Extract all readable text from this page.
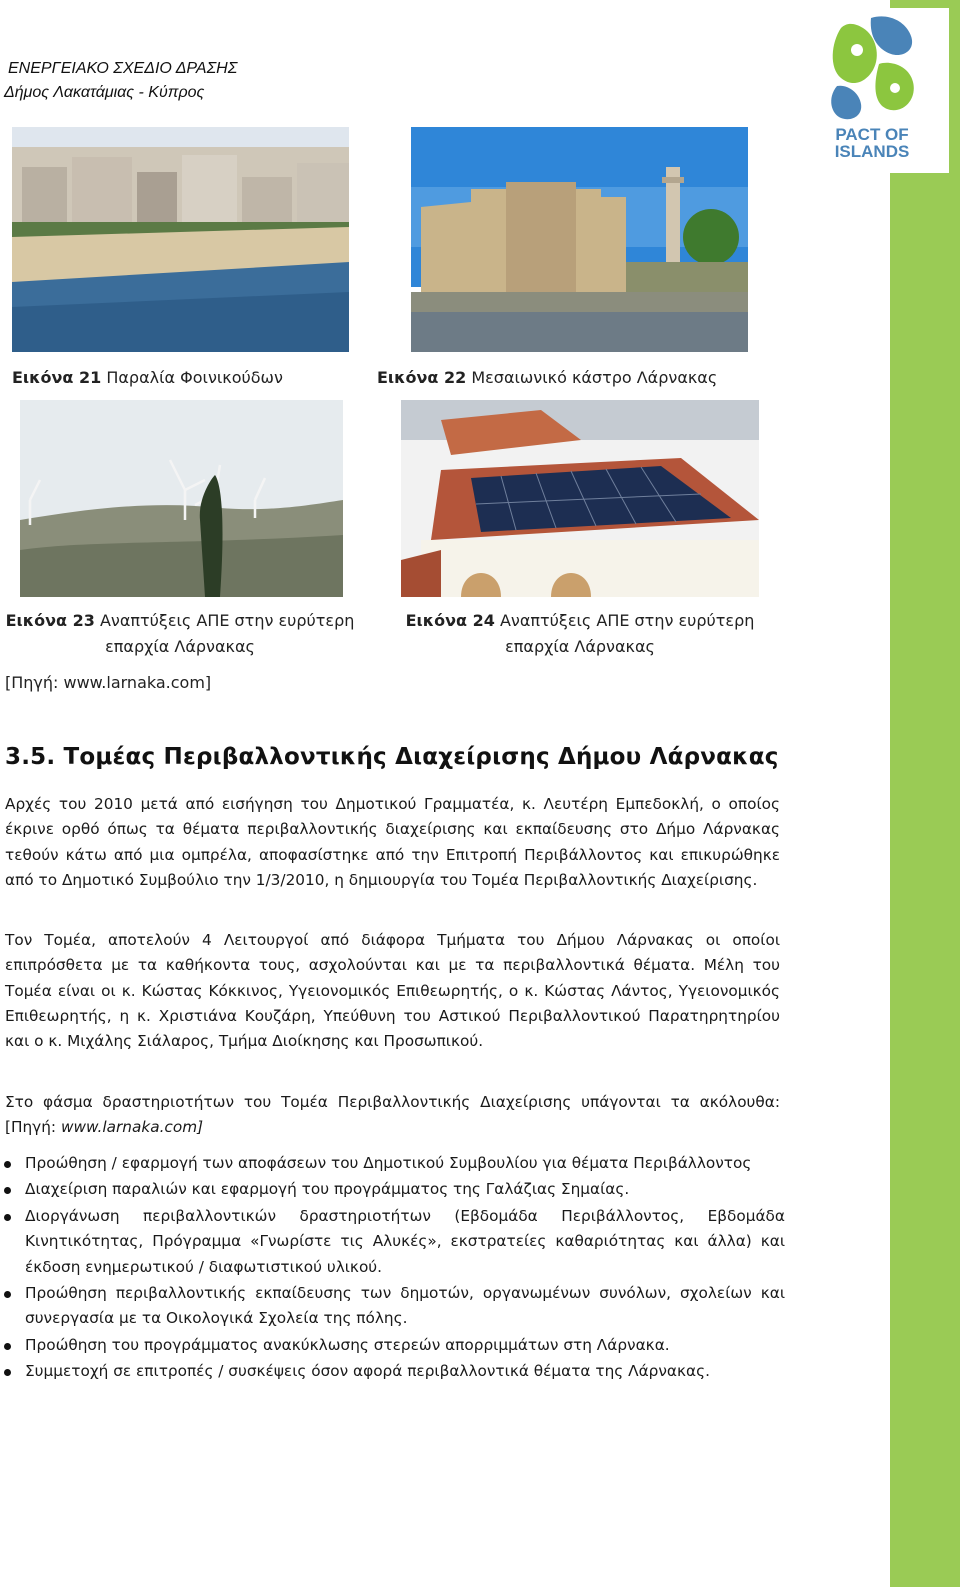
PACT OF
ISLANDS
ΕΝΕΡΓΕΙΑΚΟ ΣΧΕΔΙΟ ΔΡΑΣΗΣ
Δήμος Λακατάμιας - Κύπρος
Εικόνα 21 Παραλία Φοινικούδων	Εικόνα 22 Μεσαιωνικό κάστρο Λάρνακας
Εικόνα 23 Αναπτύξεις ΑΠΕ στην ευρύτερη
επαρχία Λάρνακας
Εικόνα 24 Αναπτύξεις ΑΠΕ στην ευρύτερη
επαρχία Λάρνακας
[Πηγή: www.larnaka.com]
3.5. Τομέας Περιβαλλοντικής Διαχείρισης Δήμου Λάρνακας
Αρχές του 2010 μετά από εισήγηση του Δημοτικού Γραμματέα, κ. Λευτέρη Εμπεδοκλή, ο οποίος έκρινε ορθό όπως τα θέματα περιβαλλοντικής διαχείρισης και εκπαίδευσης στο Δήμο Λάρνακας τεθούν κάτω από μια ομπρέλα, αποφασίστηκε από την Επιτροπή Περιβάλλοντος και επικυρώθηκε από το Δημοτικό Συμβούλιο την 1/3/2010, η δημιουργία του Τομέα Περιβαλλοντικής Διαχείρισης.
Τον Τομέα, αποτελούν 4 Λειτουργοί από διάφορα Τμήματα του Δήμου Λάρνακας οι οποίοι επιπρόσθετα με τα καθήκοντα τους, ασχολούνται και με τα περιβαλλοντικά θέματα. Μέλη του Τομέα είναι οι κ. Κώστας Κόκκινος, Υγειονομικός Επιθεωρητής, ο κ. Κώστας Λάντος, Υγειονομικός Επιθεωρητής, η κ. Χριστιάνα Κουζάρη, Υπεύθυνη του Αστικού Περιβαλλοντικού Παρατηρητηρίου και ο κ. Μιχάλης Σιάλαρος, Τμήμα Διοίκησης και Προσωπικού.
Στο φάσμα δραστηριοτήτων του Τομέα Περιβαλλοντικής Διαχείρισης υπάγονται τα ακόλουθα: [Πηγή: www.larnaka.com]
Προώθηση / εφαρμογή των αποφάσεων του Δημοτικού Συμβουλίου για θέματα Περιβάλλοντος
Διαχείριση παραλιών και εφαρμογή του προγράμματος της Γαλάζιας Σημαίας.
Διοργάνωση περιβαλλοντικών δραστηριοτήτων (Εβδομάδα Περιβάλλοντος, Εβδομάδα Κινητικότητας, Πρόγραμμα «Γνωρίστε τις Αλυκές», εκστρατείες καθαριότητας και άλλα) και έκδοση ενημερωτικού / διαφωτιστικού υλικού.
Προώθηση περιβαλλοντικής εκπαίδευσης των δημοτών, οργανωμένων συνόλων, σχολείων και συνεργασία με τα Οικολογικά Σχολεία της πόλης.
Προώθηση του προγράμματος ανακύκλωσης στερεών απορριμμάτων στη Λάρνακα.
Συμμετοχή σε επιτροπές / συσκέψεις όσον αφορά περιβαλλοντικά θέματα της Λάρνακας.
